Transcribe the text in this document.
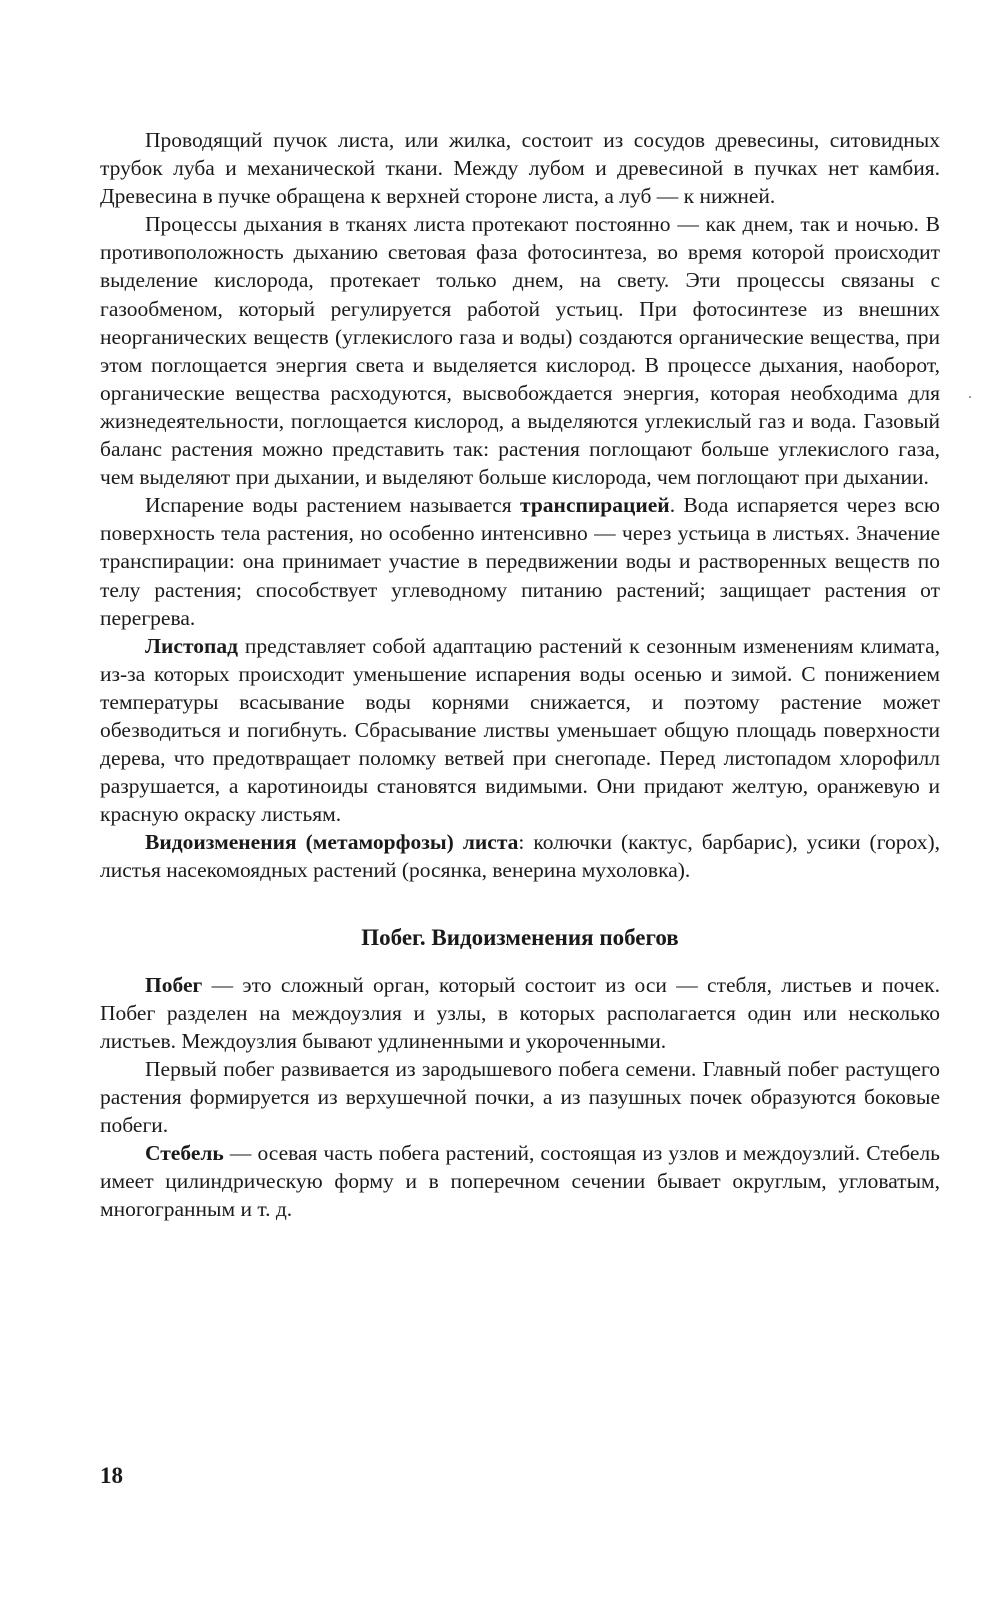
Проводящий пучок листа, или жилка, состоит из сосудов древесины, ситовидных трубок луба и механической ткани. Между лубом и древесиной в пучках нет камбия. Древесина в пучке обращена к верхней стороне листа, а луб — к нижней.

Процессы дыхания в тканях листа протекают постоянно — как днем, так и ночью. В противоположность дыханию световая фаза фотосинтеза, во время которой происходит выделение кислорода, протекает только днем, на свету. Эти процессы связаны с газообменом, который регулируется работой устьиц. При фотосинтезе из внешних неорганических веществ (углекислого газа и воды) создаются органические вещества, при этом поглощается энергия света и выделяется кислород. В процессе дыхания, наоборот, органические вещества расходуются, высвобождается энергия, которая необходима для жизнедеятельности, поглощается кислород, а выделяются углекислый газ и вода. Газовый баланс растения можно представить так: растения поглощают больше углекислого газа, чем выделяют при дыхании, и выделяют больше кислорода, чем поглощают при дыхании.

Испарение воды растением называется транспирацией. Вода испаряется через всю поверхность тела растения, но особенно интенсивно — через устьица в листьях. Значение транспирации: она принимает участие в передвижении воды и растворенных веществ по телу растения; способствует углеводному питанию растений; защищает растения от перегрева.

Листопад представляет собой адаптацию растений к сезонным изменениям климата, из-за которых происходит уменьшение испарения воды осенью и зимой. С понижением температуры всасывание воды корнями снижается, и поэтому растение может обезводиться и погибнуть. Сбрасывание листвы уменьшает общую площадь поверхности дерева, что предотвращает поломку ветвей при снегопаде. Перед листопадом хлорофилл разрушается, а каротиноиды становятся видимыми. Они придают желтую, оранжевую и красную окраску листьям.

Видоизменения (метаморфозы) листа: колючки (кактус, барбарис), усики (горох), листья насекомоядных растений (росянка, венерина мухоловка).

Побег. Видоизменения побегов

Побег — это сложный орган, который состоит из оси — стебля, листьев и почек. Побег разделен на междоузлия и узлы, в которых располагается один или несколько листьев. Междоузлия бывают удлиненными и укороченными.

Первый побег развивается из зародышевого побега семени. Главный побег растущего растения формируется из верхушечной почки, а из пазушных почек образуются боковые побеги.

Стебель — осевая часть побега растений, состоящая из узлов и междоузлий. Стебель имеет цилиндрическую форму и в поперечном сечении бывает округлым, угловатым, многогранным и т. д.

18
